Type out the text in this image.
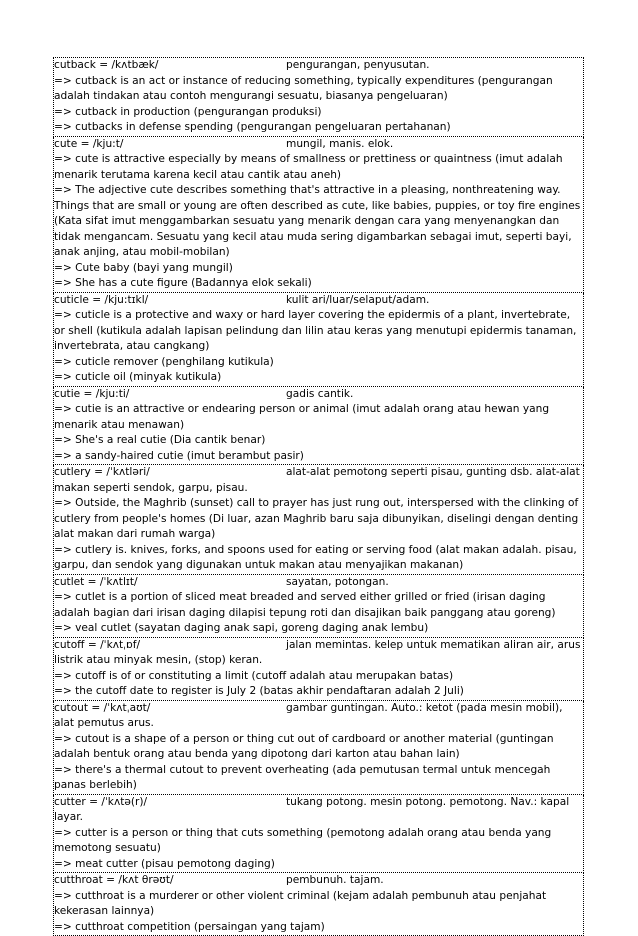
cutback = /kʌtbæk/	pengurangan, penyusutan.
=> cutback is an act or instance of reducing something, typically expenditures (pengurangan adalah tindakan atau contoh mengurangi sesuatu, biasanya pengeluaran)
=> cutback in production (pengurangan produksi)
=> cutbacks in defense spending (pengurangan pengeluaran pertahanan)
cute = /kju:t/	mungil, manis. elok.
=> cute is attractive especially by means of smallness or prettiness or quaintness (imut adalah menarik terutama karena kecil atau cantik atau aneh)
=> The adjective cute describes something that's attractive in a pleasing, nonthreatening way. Things that are small or young are often described as cute, like babies, puppies, or toy fire engines (Kata sifat imut menggambarkan sesuatu yang menarik dengan cara yang menyenangkan dan tidak mengancam. Sesuatu yang kecil atau muda sering digambarkan sebagai imut, seperti bayi, anak anjing, atau mobil-mobilan)
=> Cute baby (bayi yang mungil)
=> She has a cute figure (Badannya elok sekali)
cuticle = /kju:tɪkl/	kulit ari/luar/selaput/adam.
=> cuticle is a protective and waxy or hard layer covering the epidermis of a plant, invertebrate, or shell (kutikula adalah lapisan pelindung dan lilin atau keras yang menutupi epidermis tanaman, invertebrata, atau cangkang)
=> cuticle remover (penghilang kutikula)
=> cuticle oil (minyak kutikula)
cutie = /kju:ti/	gadis cantik.
=> cutie is an attractive or endearing person or animal (imut adalah orang atau hewan yang menarik atau menawan)
=> She's a real cutie (Dia cantik benar)
=> a sandy-haired cutie (imut berambut pasir)
cutlery = /ˈkʌtləri/	alat-alat pemotong seperti pisau, gunting dsb. alat-alat makan seperti sendok, garpu, pisau.
=> Outside, the Maghrib (sunset) call to prayer has just rung out, interspersed with the clinking of cutlery from people's homes (Di luar, azan Maghrib baru saja dibunyikan, diselingi dengan denting alat makan dari rumah warga)
=> cutlery is. knives, forks, and spoons used for eating or serving food (alat makan adalah. pisau, garpu, dan sendok yang digunakan untuk makan atau menyajikan makanan)
cutlet = /ˈkʌtlɪt/	sayatan, potongan.
=> cutlet is a portion of sliced meat breaded and served either grilled or fried (irisan daging adalah bagian dari irisan daging dilapisi tepung roti dan disajikan baik panggang atau goreng)
=> veal cutlet (sayatan daging anak sapi, goreng daging anak lembu)
cutoff = /ˈkʌtˌɒf/	jalan memintas. kelep untuk mematikan aliran air, arus listrik atau minyak mesin, (stop) keran.
=> cutoff is of or constituting a limit (cutoff adalah atau merupakan batas)
=> the cutoff date to register is July 2 (batas akhir pendaftaran adalah 2 Juli)
cutout = /ˈkʌtˌaʊt/	gambar guntingan. Auto.: ketot (pada mesin mobil), alat pemutus arus.
=> cutout is a shape of a person or thing cut out of cardboard or another material (guntingan adalah bentuk orang atau benda yang dipotong dari karton atau bahan lain)
=> there's a thermal cutout to prevent overheating (ada pemutusan termal untuk mencegah panas berlebih)
cutter = /ˈkʌtə(r)/	tukang potong. mesin potong. pemotong. Nav.: kapal layar.
=> cutter is a person or thing that cuts something (pemotong adalah orang atau benda yang memotong sesuatu)
=> meat cutter (pisau pemotong daging)
cutthroat = /kʌt θrəʊt/	pembunuh. tajam.
=> cutthroat is a murderer or other violent criminal (kejam adalah pembunuh atau penjahat kekerasan lainnya)
=> cutthroat competition (persaingan yang tajam)
